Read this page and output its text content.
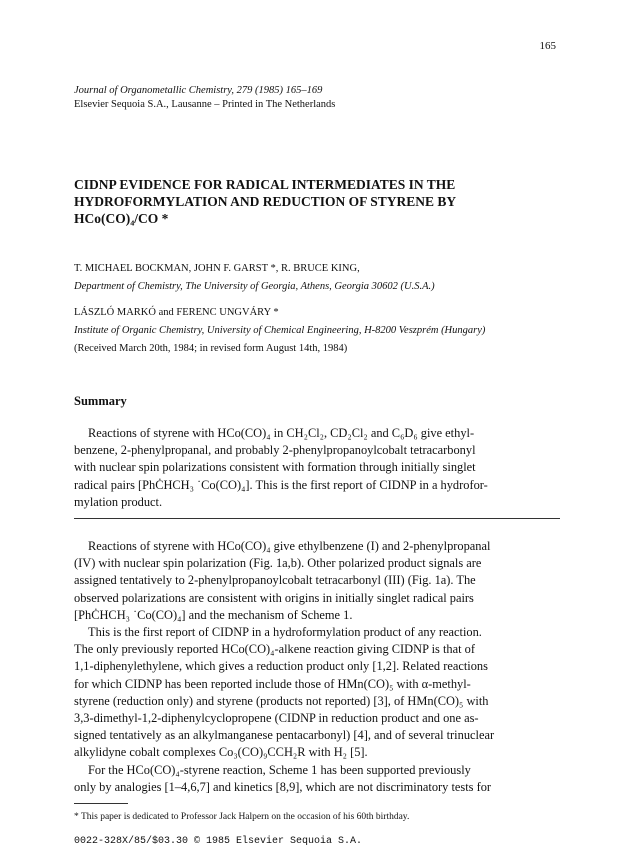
165
Journal of Organometallic Chemistry, 279 (1985) 165–169
Elsevier Sequoia S.A., Lausanne – Printed in The Netherlands
CIDNP EVIDENCE FOR RADICAL INTERMEDIATES IN THE
HYDROFORMYLATION AND REDUCTION OF STYRENE BY
HCo(CO)₄/CO *
T. MICHAEL BOCKMAN, JOHN F. GARST *, R. BRUCE KING,
Department of Chemistry, The University of Georgia, Athens, Georgia 30602 (U.S.A.)
LÁSZLÓ MARKÓ and FERENC UNGVÁRY *
Institute of Organic Chemistry, University of Chemical Engineering, H-8200 Veszprém (Hungary)
(Received March 20th, 1984; in revised form August 14th, 1984)
Summary
Reactions of styrene with HCo(CO)₄ in CH₂Cl₂, CD₂Cl₂ and C₆D₆ give ethyl-
benzene, 2-phenylpropanal, and probably 2-phenylpropanoylcobalt tetracarbonyl
with nuclear spin polarizations consistent with formation through initially singlet
radical pairs [PhĊHCH₃ ˙Co(CO)₄]. This is the first report of CIDNP in a hydrofor-
mylation product.
Reactions of styrene with HCo(CO)₄ give ethylbenzene (I) and 2-phenylpropanal
(IV) with nuclear spin polarization (Fig. 1a,b). Other polarized product signals are
assigned tentatively to 2-phenylpropanoylcobalt tetracarbonyl (III) (Fig. 1a). The
observed polarizations are consistent with origins in initially singlet radical pairs
[PhĊHCH₃ ˙Co(CO)₄] and the mechanism of Scheme 1.
This is the first report of CIDNP in a hydroformylation product of any reaction.
The only previously reported HCo(CO)₄-alkene reaction giving CIDNP is that of
1,1-diphenylethylene, which gives a reduction product only [1,2]. Related reactions
for which CIDNP has been reported include those of HMn(CO)₅ with α-methyl-
styrene (reduction only) and styrene (products not reported) [3], of HMn(CO)₅ with
3,3-dimethyl-1,2-diphenylcyclopropene (CIDNP in reduction product and one as-
signed tentatively as an alkylmanganese pentacarbonyl) [4], and of several trinuclear
alkylidyne cobalt complexes Co₃(CO)₉CCH₂R with H₂ [5].
For the HCo(CO)₄-styrene reaction, Scheme 1 has been supported previously
only by analogies [1–4,6,7] and kinetics [8,9], which are not discriminatory tests for
* This paper is dedicated to Professor Jack Halpern on the occasion of his 60th birthday.
0022-328X/85/$03.30 © 1985 Elsevier Sequoia S.A.
